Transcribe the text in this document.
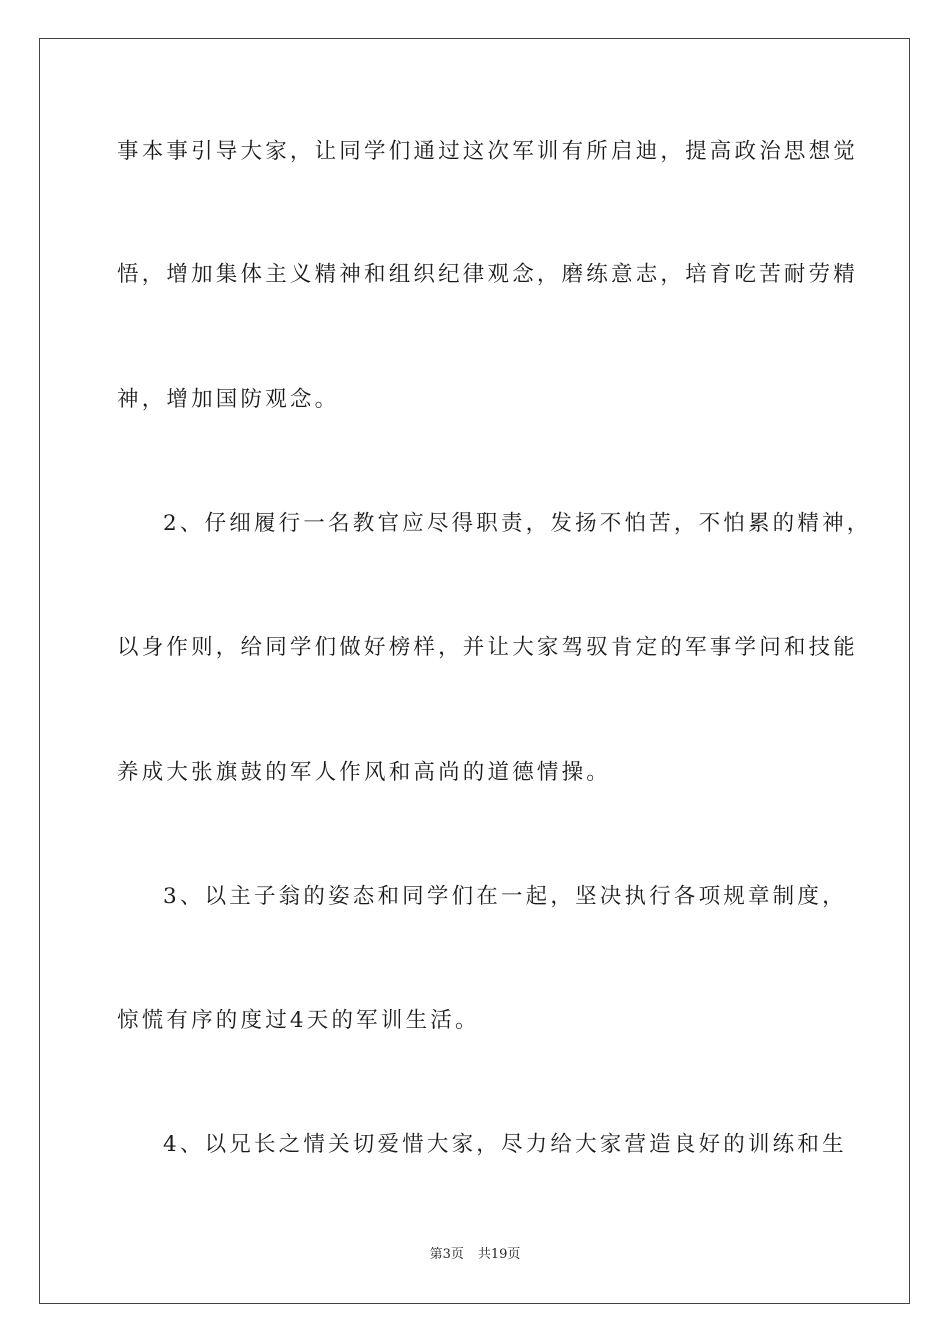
事本事引导大家，让同学们通过这次军训有所启迪，提高政治思想觉
悟，增加集体主义精神和组织纪律观念，磨练意志，培育吃苦耐劳精
神，增加国防观念。
2、仔细履行一名教官应尽得职责，发扬不怕苦，不怕累的精神，
以身作则，给同学们做好榜样，并让大家驾驭肯定的军事学问和技能
养成大张旗鼓的军人作风和高尚的道德情操。
3、以主子翁的姿态和同学们在一起，坚决执行各项规章制度，
惊慌有序的度过4天的军训生活。
4、以兄长之情关切爱惜大家，尽力给大家营造良好的训练和生
第3页 共19页
